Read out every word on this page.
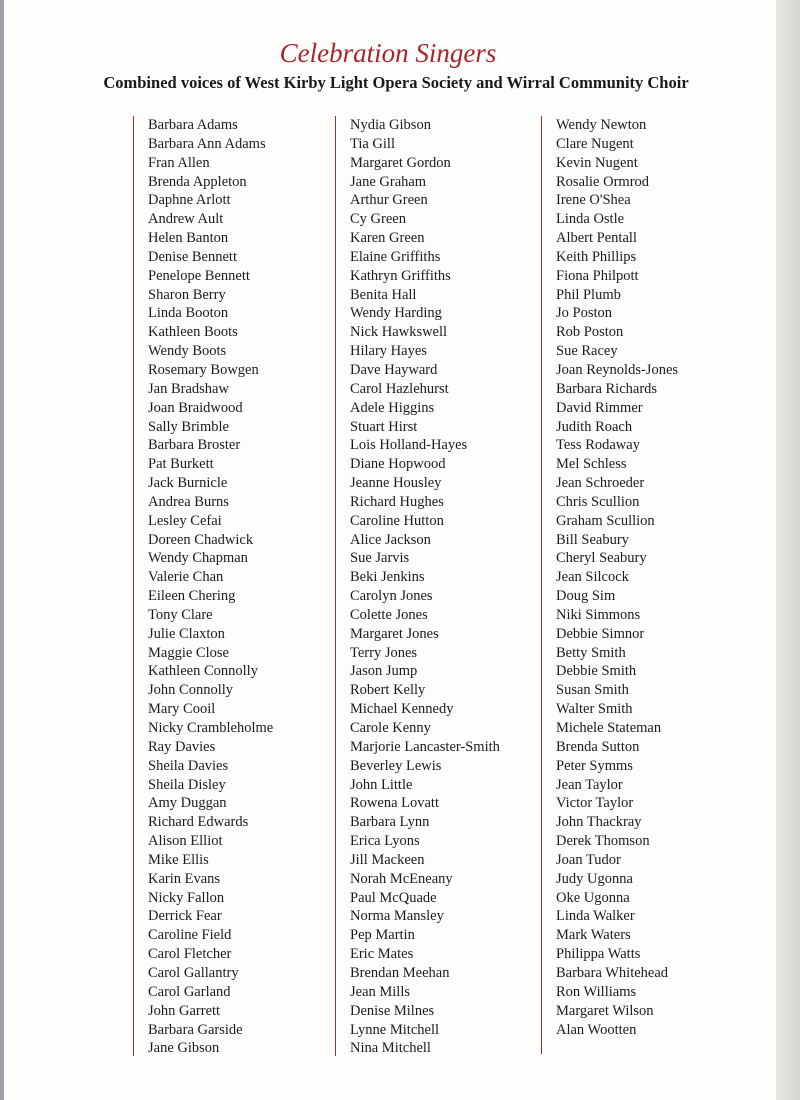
Celebration Singers
Combined voices of West Kirby Light Opera Society and Wirral Community Choir
Barbara Adams
Barbara Ann Adams
Fran Allen
Brenda Appleton
Daphne Arlott
Andrew Ault
Helen Banton
Denise Bennett
Penelope Bennett
Sharon Berry
Linda Booton
Kathleen Boots
Wendy Boots
Rosemary Bowgen
Jan Bradshaw
Joan Braidwood
Sally Brimble
Barbara Broster
Pat Burkett
Jack Burnicle
Andrea Burns
Lesley Cefai
Doreen Chadwick
Wendy Chapman
Valerie Chan
Eileen Chering
Tony Clare
Julie Claxton
Maggie Close
Kathleen Connolly
John Connolly
Mary Cooil
Nicky Crambleholme
Ray Davies
Sheila Davies
Sheila Disley
Amy Duggan
Richard Edwards
Alison Elliot
Mike Ellis
Karin Evans
Nicky Fallon
Derrick Fear
Caroline Field
Carol Fletcher
Carol Gallantry
Carol Garland
John Garrett
Barbara Garside
Jane Gibson
Nydia Gibson
Tia Gill
Margaret Gordon
Jane Graham
Arthur Green
Cy Green
Karen Green
Elaine Griffiths
Kathryn Griffiths
Benita Hall
Wendy Harding
Nick Hawkswell
Hilary Hayes
Dave Hayward
Carol Hazlehurst
Adele Higgins
Stuart Hirst
Lois Holland-Hayes
Diane Hopwood
Jeanne Housley
Richard Hughes
Caroline Hutton
Alice Jackson
Sue Jarvis
Beki Jenkins
Carolyn Jones
Colette Jones
Margaret Jones
Terry Jones
Jason Jump
Robert Kelly
Michael Kennedy
Carole Kenny
Marjorie Lancaster-Smith
Beverley Lewis
John Little
Rowena Lovatt
Barbara Lynn
Erica Lyons
Jill Mackeen
Norah McEneany
Paul McQuade
Norma Mansley
Pep Martin
Eric Mates
Brendan Meehan
Jean Mills
Denise Milnes
Lynne Mitchell
Nina Mitchell
Wendy Newton
Clare Nugent
Kevin Nugent
Rosalie Ormrod
Irene O'Shea
Linda Ostle
Albert Pentall
Keith Phillips
Fiona Philpott
Phil Plumb
Jo Poston
Rob Poston
Sue Racey
Joan Reynolds-Jones
Barbara Richards
David Rimmer
Judith Roach
Tess Rodaway
Mel Schless
Jean Schroeder
Chris Scullion
Graham Scullion
Bill Seabury
Cheryl Seabury
Jean Silcock
Doug Sim
Niki Simmons
Debbie Simnor
Betty Smith
Debbie Smith
Susan Smith
Walter Smith
Michele Stateman
Brenda Sutton
Peter Symms
Jean Taylor
Victor Taylor
John Thackray
Derek Thomson
Joan Tudor
Judy Ugonna
Oke Ugonna
Linda Walker
Mark Waters
Philippa Watts
Barbara Whitehead
Ron Williams
Margaret Wilson
Alan Wootten
